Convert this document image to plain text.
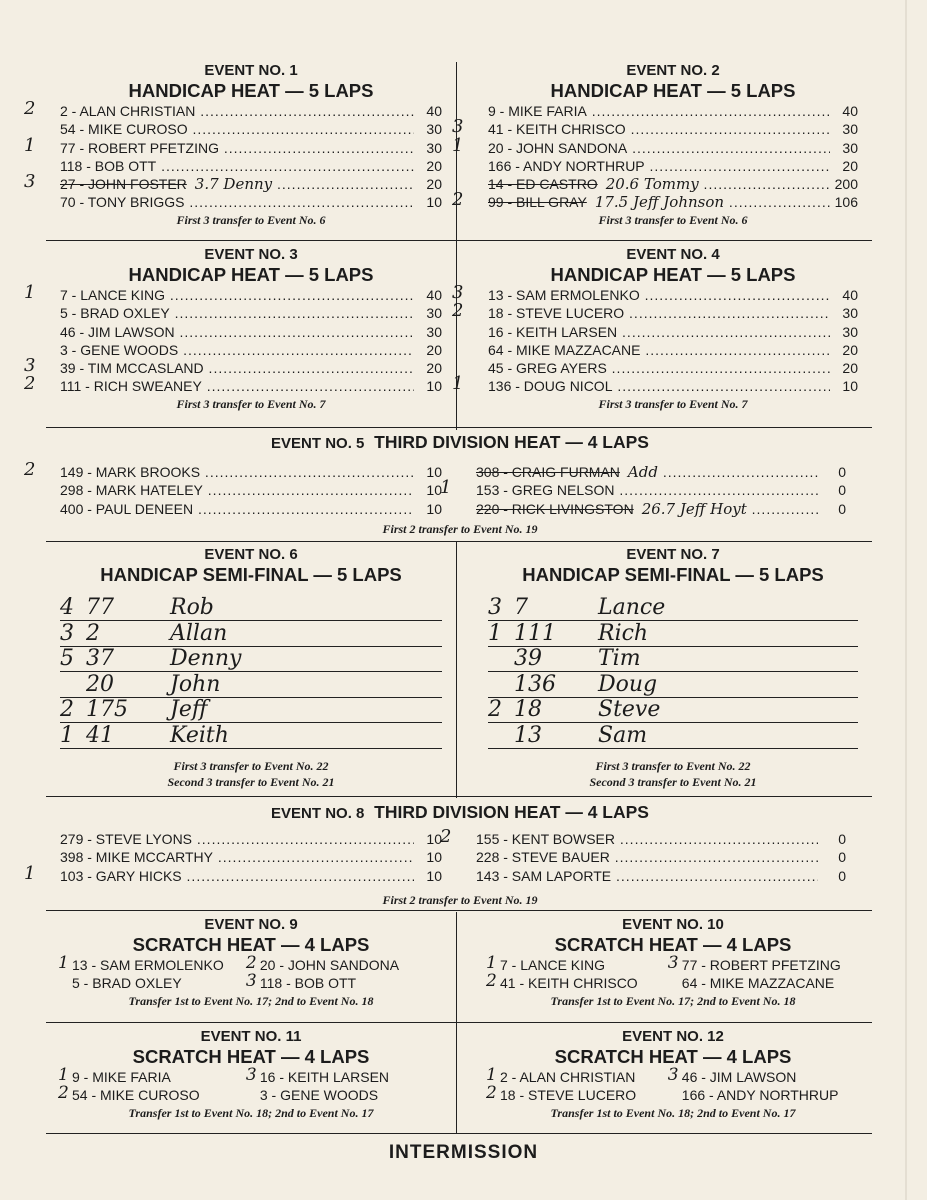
EVENT NO. 1
HANDICAP HEAT — 5 LAPS
2 2 - ALAN CHRISTIAN .....	40
54 - MIKE CUROSO .....	30
1 77 - ROBERT PFETZING .....	30
118 - BOB OTT .....	20
3 27 - JOHN FOSTER 3.7 Denny .....	20
70 - TONY BRIGGS .....	10
First 3 transfer to Event No. 6
EVENT NO. 2
HANDICAP HEAT — 5 LAPS
9 - MIKE FARIA .....	40
3 41 - KEITH CHRISCO .....	30
1 20 - JOHN SANDONA .....	30
166 - ANDY NORTHRUP .....	20
14 - ED CASTRO 20.6 Tommy .....	200
2 99 - BILL GRAY 17.5 Jeff Johnson .....	106
First 3 transfer to Event No. 6
EVENT NO. 3
HANDICAP HEAT — 5 LAPS
1 7 - LANCE KING .....	40
5 - BRAD OXLEY .....	30
46 - JIM LAWSON .....	30
3 - GENE WOODS .....	20
3 39 - TIM MCCASLAND .....	20
2 111 - RICH SWEANEY .....	10
First 3 transfer to Event No. 7
EVENT NO. 4
HANDICAP HEAT — 5 LAPS
3 13 - SAM ERMOLENKO .....	40
2 18 - STEVE LUCERO .....	30
16 - KEITH LARSEN .....	30
64 - MIKE MAZZACANE .....	20
45 - GREG AYERS .....	20
1 136 - DOUG NICOL .....	10
First 3 transfer to Event No. 7
EVENT NO. 5 THIRD DIVISION HEAT — 4 LAPS
2 149 - MARK BROOKS .....	10
298 - MARK HATELEY .....	10
400 - PAUL DENEEN .....	10
308 - CRAIG FURMAN Add .....	0
1 153 - GREG NELSON .....	0
220 - RICK LIVINGSTON 26.7 Jeff Hoyt .....	0
First 2 transfer to Event No. 19
EVENT NO. 6
HANDICAP SEMI-FINAL — 5 LAPS
4 77	Rob
3 2	Allan
5 37	Denny
20	John
2 175 Jeff
1 41	Keith
First 3 transfer to Event No. 22
Second 3 transfer to Event No. 21
EVENT NO. 7
HANDICAP SEMI-FINAL — 5 LAPS
3 7	Lance
1 111 Rich
39	Tim
136 Doug
2 18	Steve
13	Sam
First 3 transfer to Event No. 22
Second 3 transfer to Event No. 21
EVENT NO. 8 THIRD DIVISION HEAT — 4 LAPS
279 - STEVE LYONS .....	10
398 - MIKE MCCARTHY .....	10
1 103 - GARY HICKS .....	10
2 155 - KENT BOWSER .....	0
228 - STEVE BAUER .....	0
143 - SAM LAPORTE .....	0
First 2 transfer to Event No. 19
EVENT NO. 9
SCRATCH HEAT — 4 LAPS
1 13 - SAM ERMOLENKO	2 20 - JOHN SANDONA
5 - BRAD OXLEY	3 118 - BOB OTT
Transfer 1st to Event No. 17; 2nd to Event No. 18
EVENT NO. 10
SCRATCH HEAT — 4 LAPS
1 7 - LANCE KING	3 77 - ROBERT PFETZING
2 41 - KEITH CHRISCO	64 - MIKE MAZZACANE
Transfer 1st to Event No. 17; 2nd to Event No. 18
EVENT NO. 11
SCRATCH HEAT — 4 LAPS
1 9 - MIKE FARIA	3 16 - KEITH LARSEN
2 54 - MIKE CUROSO	3 - GENE WOODS
Transfer 1st to Event No. 18; 2nd to Event No. 17
EVENT NO. 12
SCRATCH HEAT — 4 LAPS
1 2 - ALAN CHRISTIAN	3 46 - JIM LAWSON
2 18 - STEVE LUCERO	166 - ANDY NORTHRUP
Transfer 1st to Event No. 18; 2nd to Event No. 17
INTERMISSION
